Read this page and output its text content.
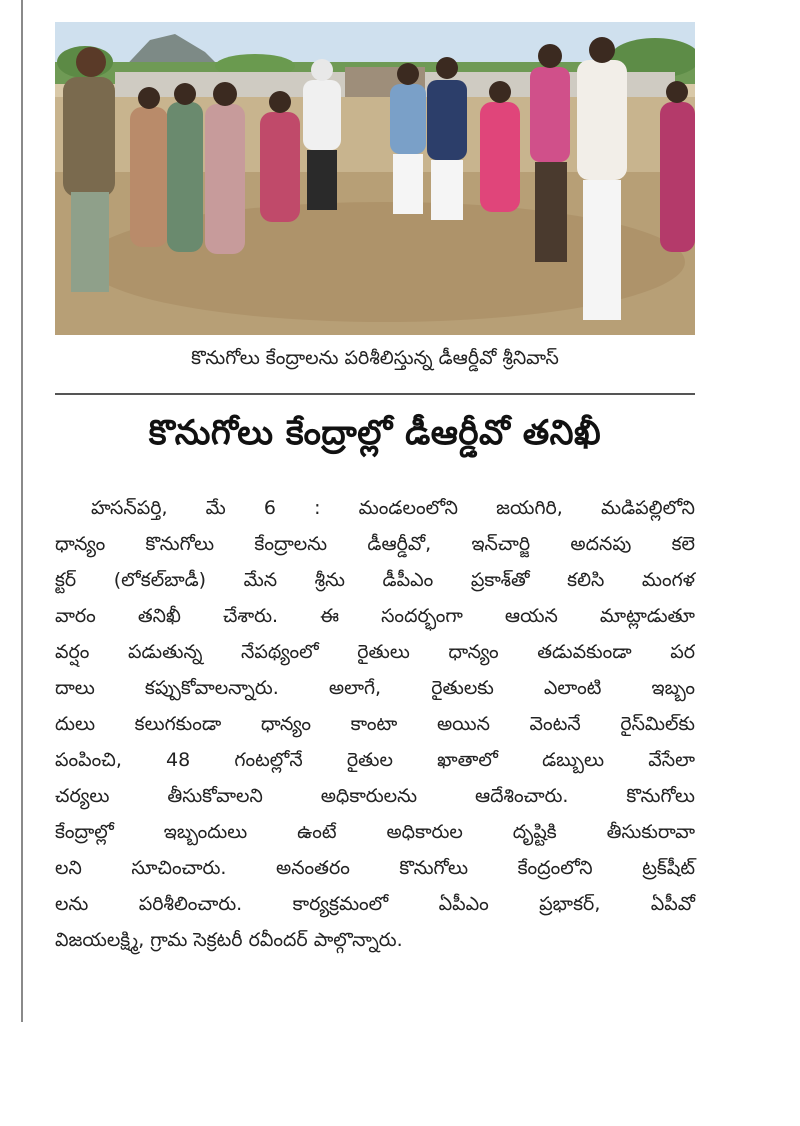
కొనుగోలు కేంద్రాలను పరిశీలిస్తున్న డీఆర్డీవో శ్రీనివాస్
కొనుగోలు కేంద్రాల్లో డీఆర్డీవో తనిఖీ
హసన్‌పర్తి, మే 6 : మండలంలోని జయగిరి, మడిపల్లిలోని
ధాన్యం కొనుగోలు కేంద్రాలను డీఆర్డీవో, ఇన్‌చార్జి అదనపు కలె
క్టర్ (లోకల్‌బాడీ) మేన శ్రీను డీపీఎం ప్రకాశ్‌తో కలిసి మంగళ
వారం తనిఖీ చేశారు. ఈ సందర్భంగా ఆయన మాట్లాడుతూ
వర్షం పడుతున్న నేపథ్యంలో రైతులు ధాన్యం తడువకుండా పర
దాలు కప్పుకోవాలన్నారు. అలాగే, రైతులకు ఎలాంటి ఇబ్బం
దులు కలుగకుండా ధాన్యం కాంటా అయిన వెంటనే రైస్‌మిల్‌కు
పంపించి, 48 గంటల్లోనే రైతుల ఖాతాలో డబ్బులు వేసేలా
చర్యలు తీసుకోవాలని అధికారులను ఆదేశించారు. కొనుగోలు
కేంద్రాల్లో ఇబ్బందులు ఉంటే అధికారుల దృష్టికి తీసుకురావా
లని సూచించారు. అనంతరం కొనుగోలు కేంద్రంలోని ట్రక్‌షీట్
లను పరిశీలించారు. కార్యక్రమంలో ఏపీఎం ప్రభాకర్, ఏపీవో
విజయలక్ష్మి, గ్రామ సెక్రటరీ రవీందర్ పాల్గొన్నారు.
